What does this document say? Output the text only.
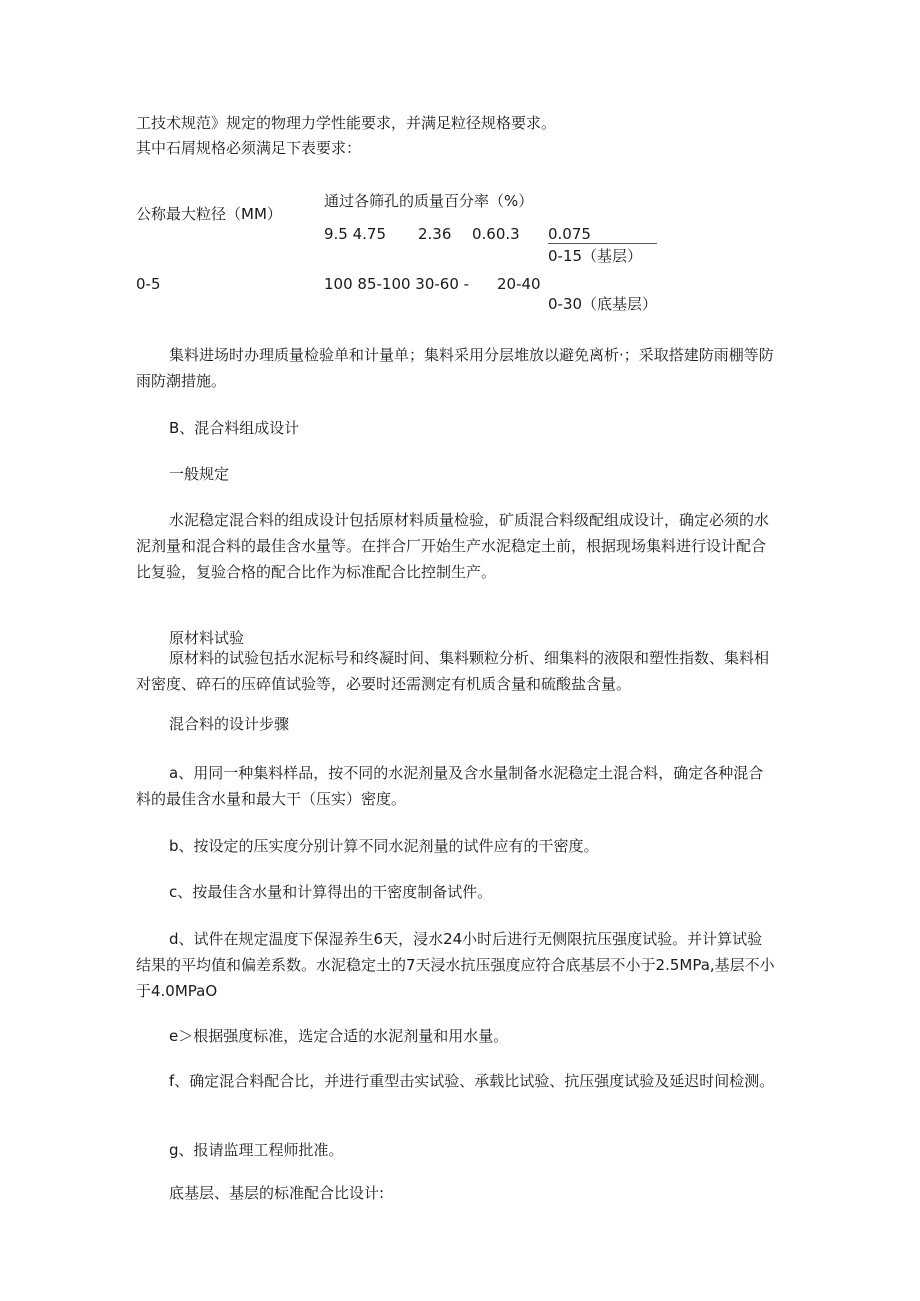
工技术规范》规定的物理力学性能要求，并满足粒径规格要求。
其中石屑规格必须满足下表要求：
公称最大粒径（MM）
通过各筛孔的质量百分率（%）
9.5 4.75 2.36 0.60.3 0.075
0-15（基层）
0-5	100 85-100 30-60 - 20-40
0-30（底基层）
集料进场时办理质量检验单和计量单；集料采用分层堆放以避免离析·；采取搭建防雨棚等防雨防潮措施。
B、混合料组成设计
一般规定
水泥稳定混合料的组成设计包括原材料质量检验，矿质混合料级配组成设计，确定必须的水泥剂量和混合料的最佳含水量等。在拌合厂开始生产水泥稳定土前，根据现场集料进行设计配合比复验，复验合格的配合比作为标准配合比控制生产。
原材料试验
原材料的试验包括水泥标号和终凝时间、集料颗粒分析、细集料的液限和塑性指数、集料相对密度、碎石的压碎值试验等，必要时还需测定有机质含量和硫酸盐含量。
混合料的设计步骤
a、用同一种集料样品，按不同的水泥剂量及含水量制备水泥稳定土混合料，确定各种混合料的最佳含水量和最大干（压实）密度。
b、按设定的压实度分别计算不同水泥剂量的试件应有的干密度。
c、按最佳含水量和计算得出的干密度制备试件。
d、试件在规定温度下保湿养生6天，浸水24小时后进行无侧限抗压强度试验。并计算试验结果的平均值和偏差系数。水泥稳定土的7天浸水抗压强度应符合底基层不小于2.5MPa,基层不小于4.0MPaO
e＞根据强度标准，选定合适的水泥剂量和用水量。
f、确定混合料配合比，并进行重型击实试验、承载比试验、抗压强度试验及延迟时间检测。
g、报请监理工程师批准。
底基层、基层的标准配合比设计:
